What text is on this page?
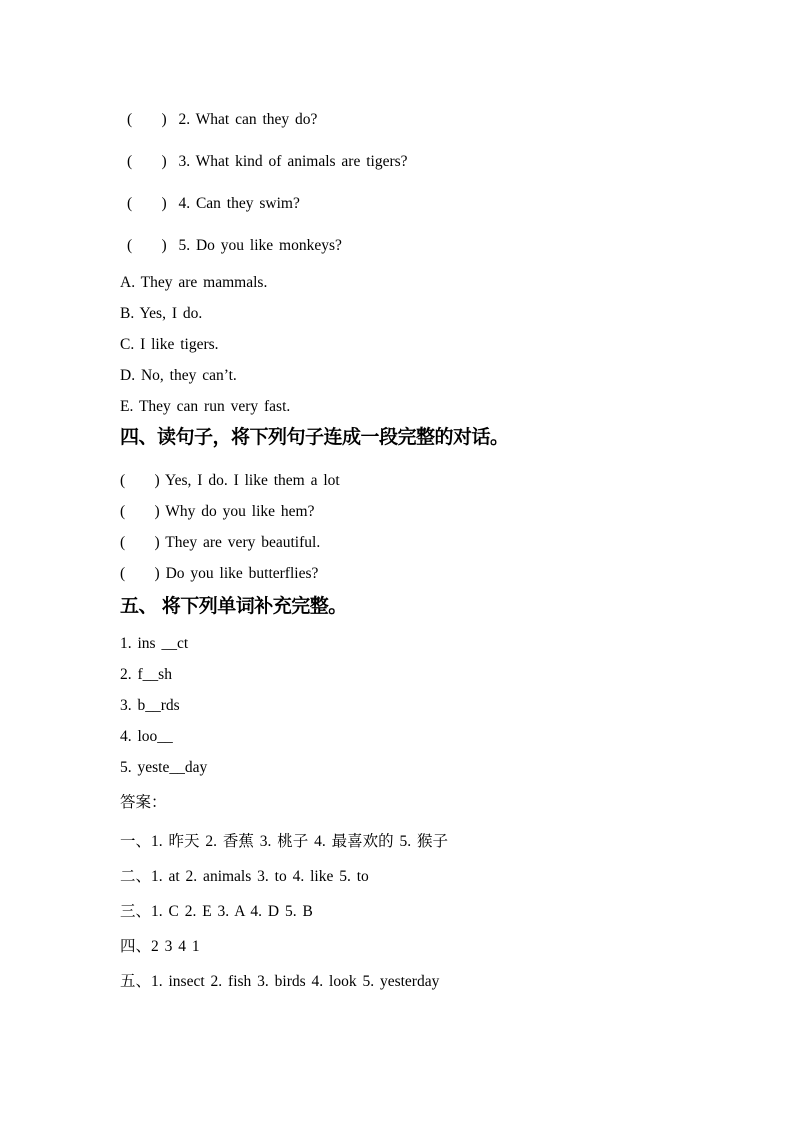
(     )  2. What can they do?
(     )  3. What kind of animals are tigers?
(     )  4. Can they swim?
(     )  5. Do you like monkeys?
A. They are mammals.
B. Yes, I do.
C. I like tigers.
D. No, they can’t.
E. They can run very fast.
四、读句子，将下列句子连成一段完整的对话。
(     ) Yes, I do. I like them a lot
(     ) Why do you like hem?
(     ) They are very beautiful.
(     ) Do you like butterflies?
五、 将下列单词补充完整。
1. ins __ct
2. f__sh
3. b__rds
4. loo__
5. yeste__day
答案：
一、1. 昨天 2. 香蕉 3. 桃子 4. 最喜欢的 5. 猴子
二、1. at 2. animals 3. to 4. like 5. to
三、1. C 2. E 3. A 4. D 5. B
四、2 3 4 1
五、1. insect 2. fish 3. birds 4. look 5. yesterday
